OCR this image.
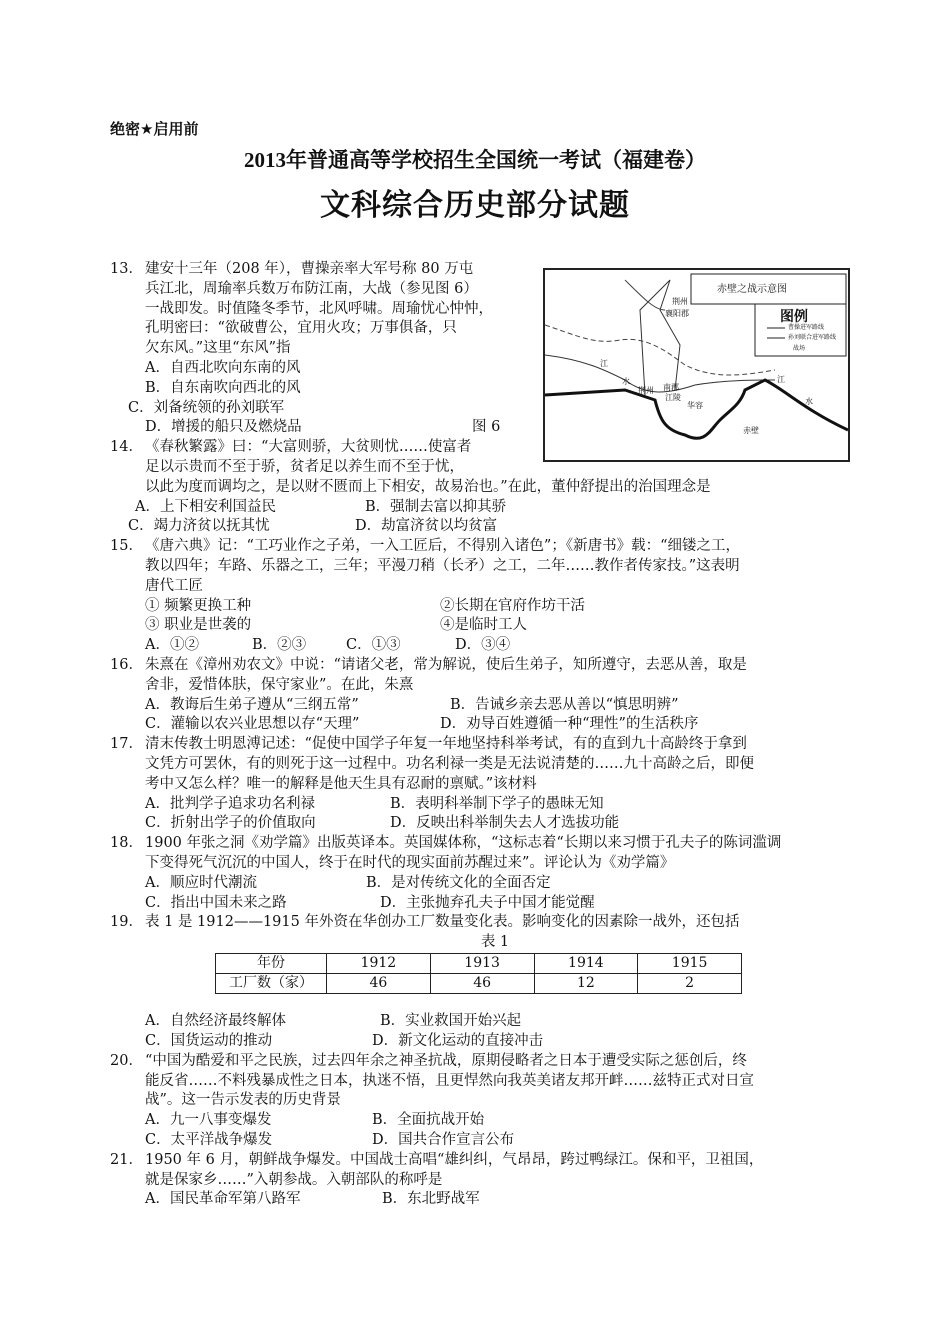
绝密★启用前
2013年普通高等学校招生全国统一考试（福建卷）
文科综合历史部分试题
赤壁之战示意图
图例
曹操进军路线
孙刘联合进军路线
战场
荆州
襄阳郡
荆州 南郡
江陵
华容
赤壁
江
水	江
水
13． 建安十三年（208 年），曹操亲率大军号称 80 万屯
兵江北，周瑜率兵数万布防江南，大战（参见图 6）
一战即发。时值隆冬季节，北风呼啸。周瑜忧心忡忡，
孔明密曰：“欲破曹公，宜用火攻；万事俱备，只
欠东风。”这里“东风”指
A．自西北吹向东南的风
B．自东南吹向西北的风
C．刘备统领的孙刘联军
D．增援的船只及燃烧品	图 6
14． 《春秋繁露》曰：“大富则骄，大贫则忧……使富者
足以示贵而不至于骄，贫者足以养生而不至于忧，
以此为度而调均之，是以财不匮而上下相安，故易治也。”在此，董仲舒提出的治国理念是
A．上下相安利国益民	B．强制去富以抑其骄
C．竭力济贫以抚其忧	D．劫富济贫以均贫富
15． 《唐六典》记：“工巧业作之子弟，一入工匠后，不得别入诸色”；《新唐书》载：“细镂之工，
教以四年；车路、乐器之工，三年；平漫刀稍（长矛）之工，二年……教作者传家技。”这表明
唐代工匠
① 频繁更换工种	②长期在官府作坊干活
③ 职业是世袭的	④是临时工人
A．①②	B．②③	C．①③	D．③④
16． 朱熹在《漳州劝农文》中说：“请诸父老，常为解说，使后生弟子，知所遵守，去恶从善，取是
舍非，爱惜体肤，保守家业”。在此，朱熹
A．教诲后生弟子遵从“三纲五常”	B．告诫乡亲去恶从善以“慎思明辨”
C．灌输以农兴业思想以存“天理”	D．劝导百姓遵循一种“理性”的生活秩序
17． 清末传教士明恩溥记述：“促使中国学子年复一年地坚持科举考试，有的直到九十高龄终于拿到
文凭方可罢休，有的则死于这一过程中。功名利禄一类是无法说清楚的……九十高龄之后，即便
考中又怎么样？唯一的解释是他天生具有忍耐的禀赋。”该材料
A．批判学子追求功名利禄	B．表明科举制下学子的愚昧无知
C．折射出学子的价值取向	D．反映出科举制失去人才选拔功能
18． 1900 年张之洞《劝学篇》出版英译本。英国媒体称，“这标志着“长期以来习惯于孔夫子的陈词滥调
下变得死气沉沉的中国人，终于在时代的现实面前苏醒过来”。评论认为《劝学篇》
A．顺应时代潮流	B．是对传统文化的全面否定
C．指出中国未来之路	D．主张抛弃孔夫子中国才能觉醒
19． 表 1 是 1912——1915 年外资在华创办工厂数量变化表。影响变化的因素除一战外，还包括
表 1
年份	1912	1913	1914	1915
工厂数（家）	46	46	12	2
A．自然经济最终解体	B．实业救国开始兴起
C．国货运动的推动	D．新文化运动的直接冲击
20． “中国为酷爱和平之民族，过去四年余之神圣抗战，原期侵略者之日本于遭受实际之惩创后，终
能反省……不料残暴成性之日本，执迷不悟，且更悍然向我英美诸友邦开衅……兹特正式对日宣
战”。这一告示发表的历史背景
A．九一八事变爆发	B．全面抗战开始
C．太平洋战争爆发	D．国共合作宣言公布
21． 1950 年 6 月，朝鲜战争爆发。中国战士高唱“雄纠纠，气昂昂，跨过鸭绿江。保和平，卫祖国，
就是保家乡……”入朝参战。入朝部队的称呼是
A．国民革命军第八路军	B．东北野战军
